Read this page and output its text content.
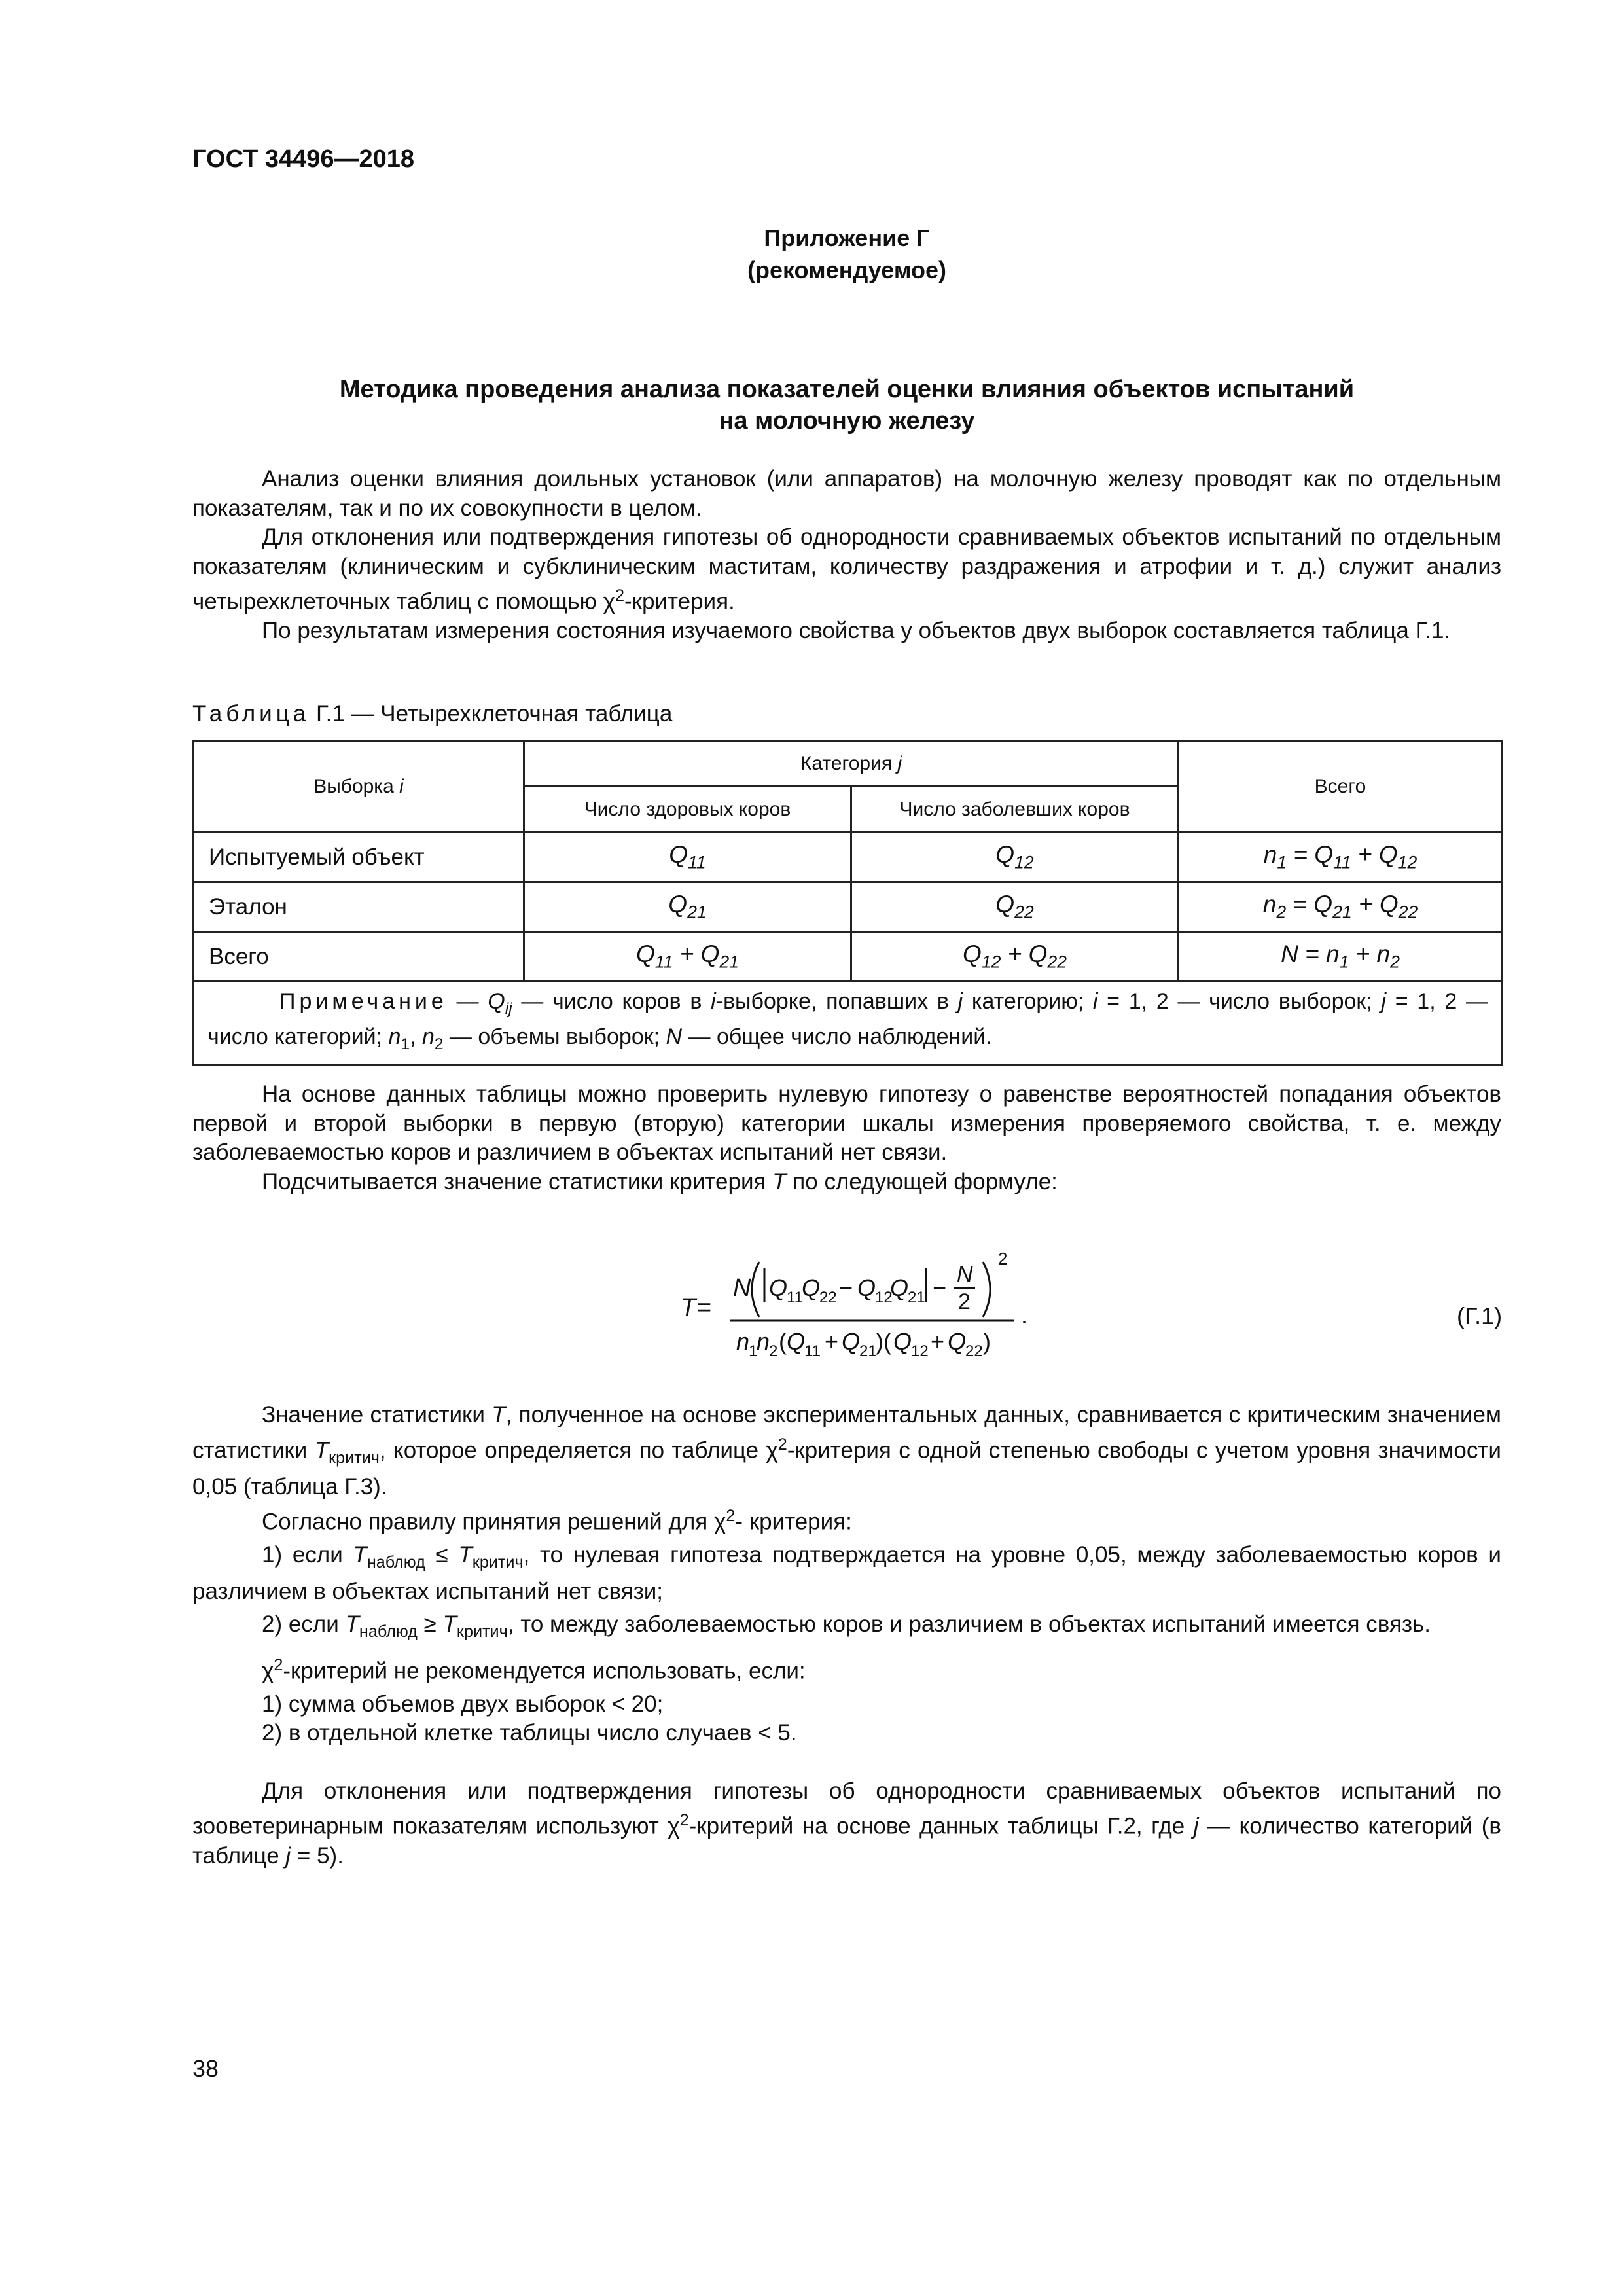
ГОСТ 34496—2018
Приложение Г
(рекомендуемое)
Методика проведения анализа показателей оценки влияния объектов испытаний
на молочную железу

Анализ оценки влияния доильных установок (или аппаратов) на молочную железу проводят как по отдельным показателям, так и по их совокупности в целом.

Для отклонения или подтверждения гипотезы об однородности сравниваемых объектов испытаний по отдельным показателям (клиническим и субклиническим маститам, количеству раздражения и атрофии и т. д.) служит анализ четырехклеточных таблиц с помощью $\chi^2$-критерия.

По результатам измерения состояния изучаемого свойства у объектов двух выборок составляется таблица Г.1.

Таблица Г.1 — Четырехклеточная таблица
Выборка i	Категория j		Всего
	Число здоровых коров	Число заболевших коров	
Испытуемый объект	$Q_{11}$	$Q_{12}$	$n_1 = Q_{11} + Q_{12}$
Эталон	$Q_{21}$	$Q_{22}$	$n_2 = Q_{21} + Q_{22}$
Всего	$Q_{11} + Q_{21}$	$Q_{12} + Q_{22}$	$N = n_1 + n_2$
Примечание — $Q_{ij}$ — число коров в i-выборке, попавших в j категорию; i = 1, 2 — число выборок; j = 1, 2 — число категорий; $n_1$, $n_2$ — объемы выборок; N — общее число наблюдений.			

На основе данных таблицы можно проверить нулевую гипотезу о равенстве вероятностей попадания объектов первой и второй выборки в первую (вторую) категории шкалы измерения проверяемого свойства, т. е. между заболеваемостью коров и различием в объектах испытаний нет связи.

Подсчитывается значение статистики критерия T по следующей формуле:

T =
N Q
11
Q
22 − Q
12
Q
21 − N
2
2
n
1
n
2 ( Q
11 + Q
21
)( Q
12 + Q
22 )
.	(Г.1)

Значение статистики T, полученное на основе экспериментальных данных, сравнивается с критическим значением статистики $T_{критич}$, которое определяется по таблице $\chi^2$-критерия с одной степенью свободы с учетом уровня значимости 0,05 (таблица Г.3).

Согласно правилу принятия решений для $\chi^2-$ критерия:

1) если $T_{наблюд} \le T_{критич}$, то нулевая гипотеза подтверждается на уровне 0,05, между заболеваемостью коров и различием в объектах испытаний нет связи;

2) если $T_{наблюд} \ge T_{критич}$, то между заболеваемостью коров и различием в объектах испытаний имеется связь.

$\chi^2$-критерий не рекомендуется использовать, если:

1) сумма объемов двух выборок < 20;

2) в отдельной клетке таблицы число случаев < 5.

Для отклонения или подтверждения гипотезы об однородности сравниваемых объектов испытаний по зооветеринарным показателям используют $\chi^2$-критерий на основе данных таблицы Г.2, где j — количество категорий (в таблице j = 5).

38
